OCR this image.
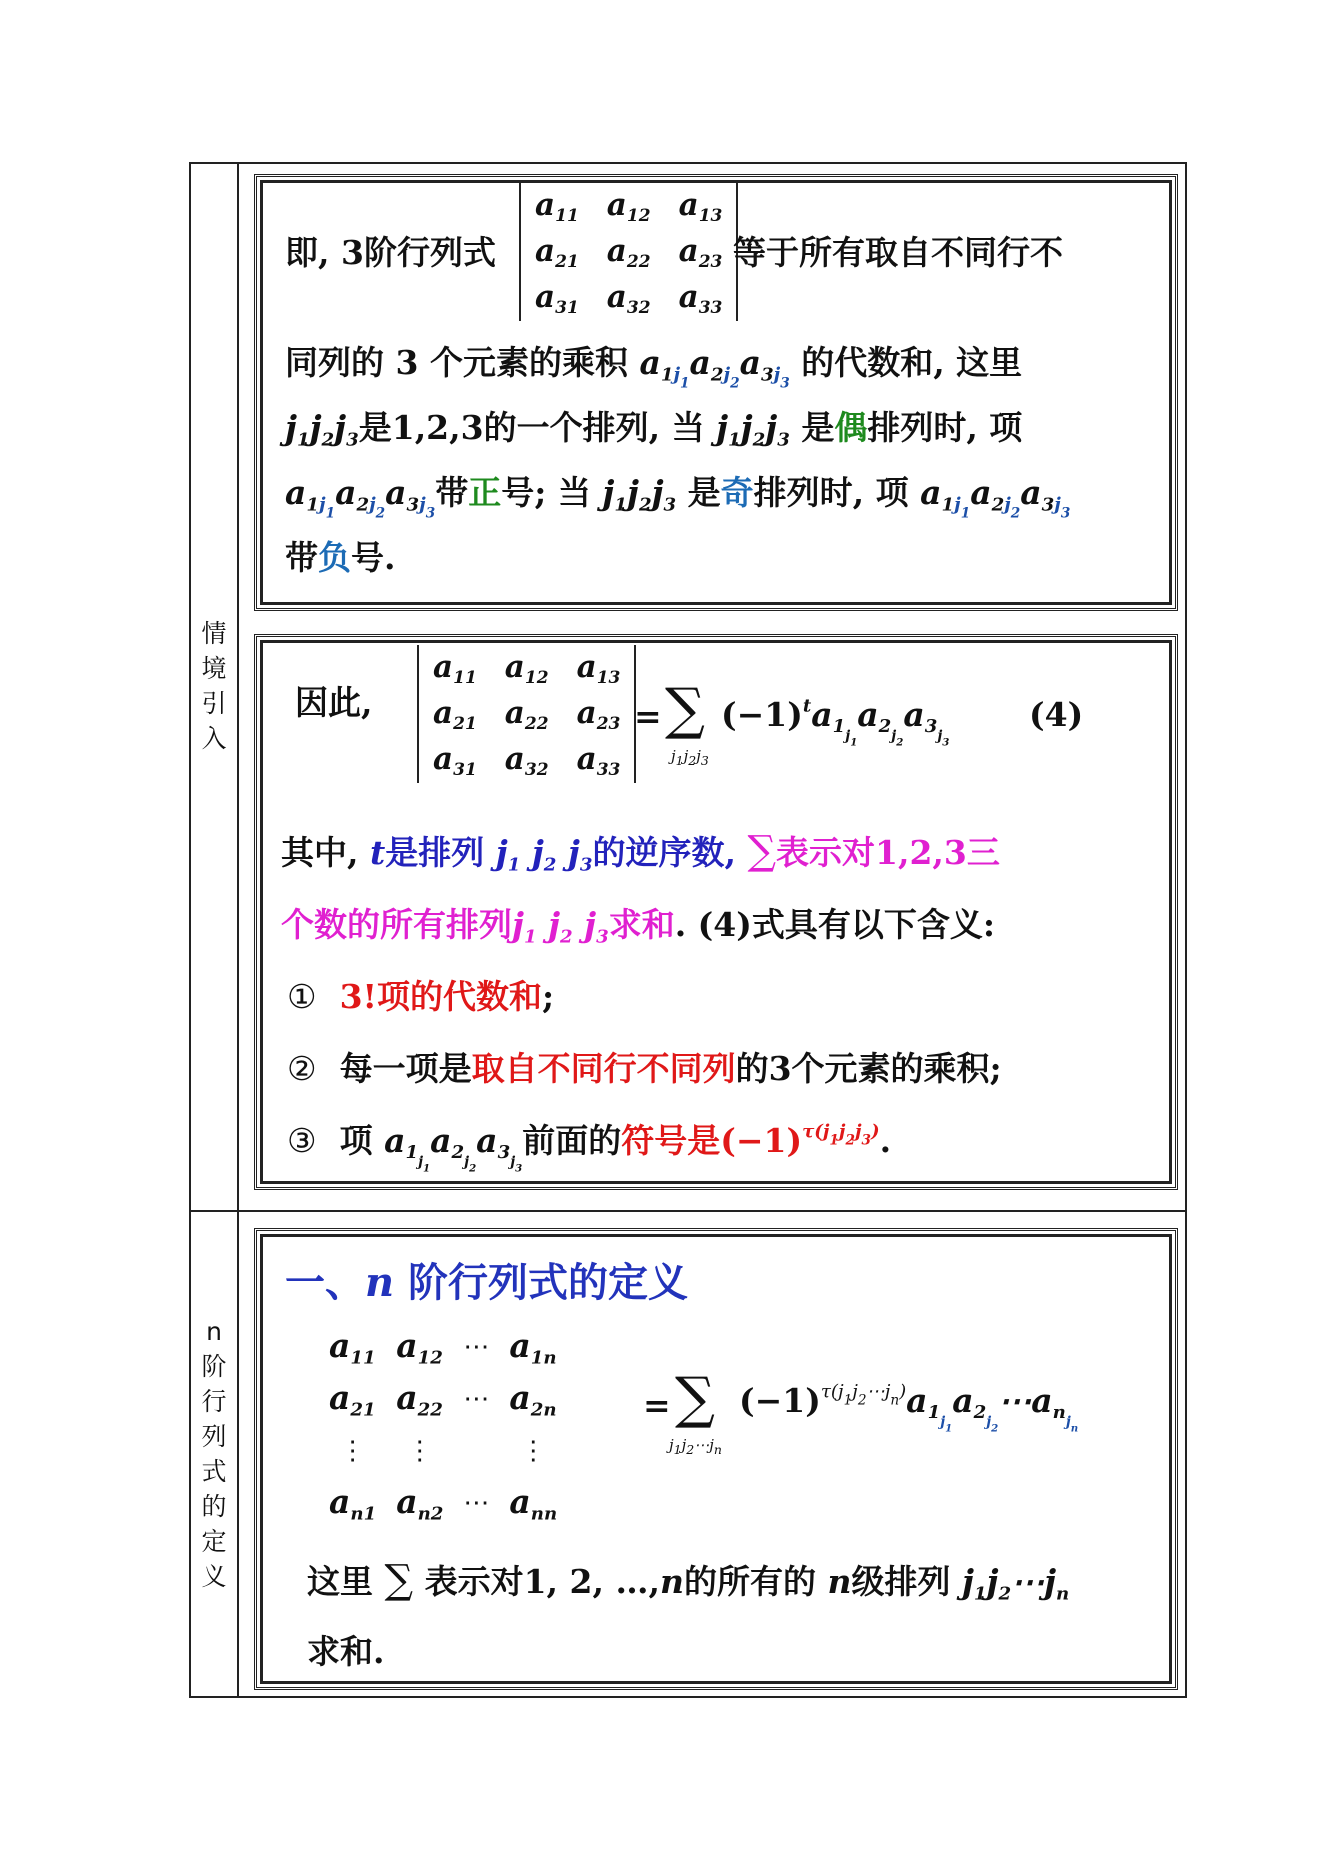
情
境
引
入
n
阶
行
列
式
的
定
义
即, 3阶行列式
$a_{11}$	$a_{12}$	$a_{13}$
$a_{21}$	$a_{22}$	$a_{23}$
$a_{31}$	$a_{32}$	$a_{33}$
等于所有取自不同行不
同列的 3 个元素的乘积 $a_{1j_1}a_{2j_2}a_{3j_3}$ 的代数和, 这里
$j_1j_2j_3$是1,2,3的一个排列, 当 $j_1j_2j_3$ 是偶排列时, 项
$a_{1j_1}a_{2j_2}a_{3j_3}$带正号; 当 $j_1j_2j_3$ 是奇排列时, 项 $a_{1j_1}a_{2j_2}a_{3j_3}$
带负号.
因此,
$a_{11}$	$a_{12}$	$a_{13}$
$a_{21}$	$a_{22}$	$a_{23}$
$a_{31}$	$a_{32}$	$a_{33}$
= ∑
$j_1j_2j_3$
$(-1)^ta_{1_{j_1}}a_{2_{j_2}}a_{3_{j_3}}$
(4)
其中, t是排列 $j_1$ $j_2$ $j_3$的逆序数, ∑表示对1,2,3三
个数的所有排列$j_1$ $j_2$ $j_3$求和. (4)式具有以下含义:
① 3!项的代数和;
② 每一项是取自不同行不同列的3个元素的乘积;
③ 项 $a_{1_{j_1}}a_{2_{j_2}}a_{3_{j_3}}$前面的符号是$(-1)^{\tau(j_1j_2j_3)}$.
一、n 阶行列式的定义
$a_{11}$	$a_{12}$	⋯	$a_{1n}$
$a_{21}$	$a_{22}$	⋯	$a_{2n}$
⋮	⋮		⋮
$a_{n1}$	$a_{n2}$	⋯	$a_{nn}$
= ∑
$j_1j_2\cdots j_n$
$(-1)^{\tau(j_1j_2\cdots j_n)}a_{1_{j_1}}a_{2_{j_2}}\cdots a_{n_{j_n}}$
这里 ∑ 表示对1, 2, …,n的所有的 n级排列 $j_1j_2\cdots j_n$
求和.
